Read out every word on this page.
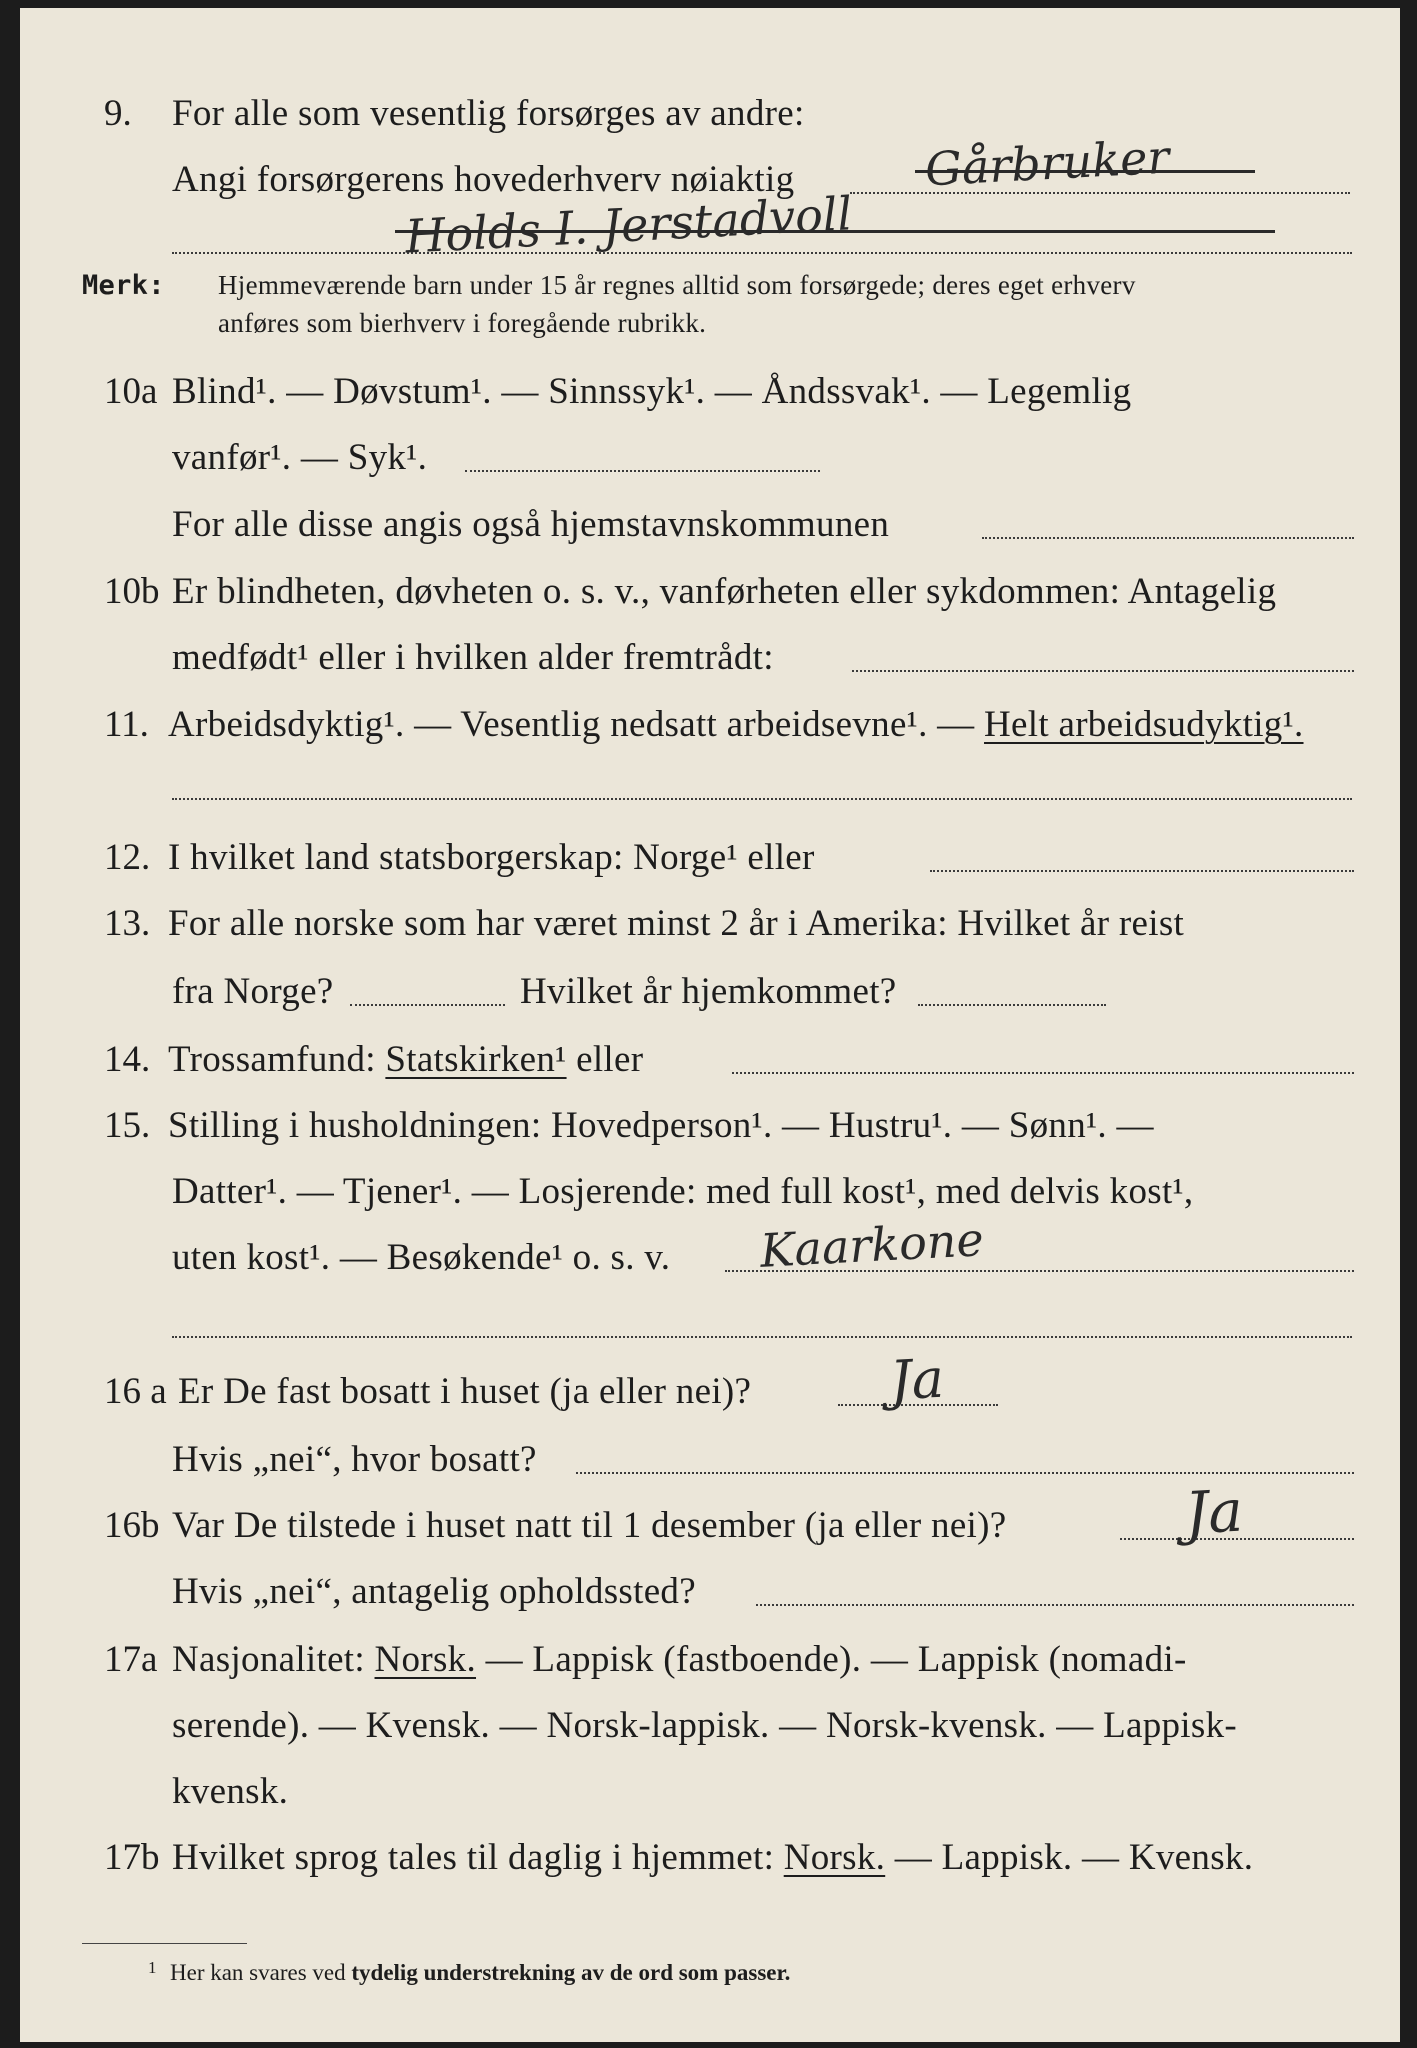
9. For alle som vesentlig forsørges av andre:
Angi forsørgerens hovederhverv nøiaktig	Gårbruker
Holds I. Jerstadvoll
Merk: Hjemmeværende barn under 15 år regnes alltid som forsørgede; deres eget erhverv
anføres som bierhverv i foregående rubrikk.
10a Blind¹. — Døvstum¹. — Sinnssyk¹. — Åndssvak¹. — Legemlig
vanfør¹. — Syk¹.
For alle disse angis også hjemstavnskommunen
10b Er blindheten, døvheten o. s. v., vanførheten eller sykdommen: Antagelig
medfødt¹ eller i hvilken alder fremtrådt:
11. Arbeidsdyktig¹. — Vesentlig nedsatt arbeidsevne¹. — Helt arbeidsudyktig¹.
12. I hvilket land statsborgerskap: Norge¹ eller
13. For alle norske som har været minst 2 år i Amerika: Hvilket år reist
fra Norge?	Hvilket år hjemkommet?
14. Trossamfund: Statskirken¹ eller
15. Stilling i husholdningen: Hovedperson¹. — Hustru¹. — Sønn¹. —
Datter¹. — Tjener¹. — Losjerende: med full kost¹, med delvis kost¹,
uten kost¹. — Besøkende¹ o. s. v. Kaarkone
16 a Er De fast bosatt i huset (ja eller nei)?	Ja
Hvis „nei“, hvor bosatt?
16b Var De tilstede i huset natt til 1 desember (ja eller nei)?	Ja
Hvis „nei“, antagelig opholdssted?
17a Nasjonalitet: Norsk. — Lappisk (fastboende). — Lappisk (nomadi-
serende). — Kvensk. — Norsk-lappisk. — Norsk-kvensk. — Lappisk-
kvensk.
17b Hvilket sprog tales til daglig i hjemmet: Norsk. — Lappisk. — Kvensk.
1 Her kan svares ved tydelig understrekning av de ord som passer.
